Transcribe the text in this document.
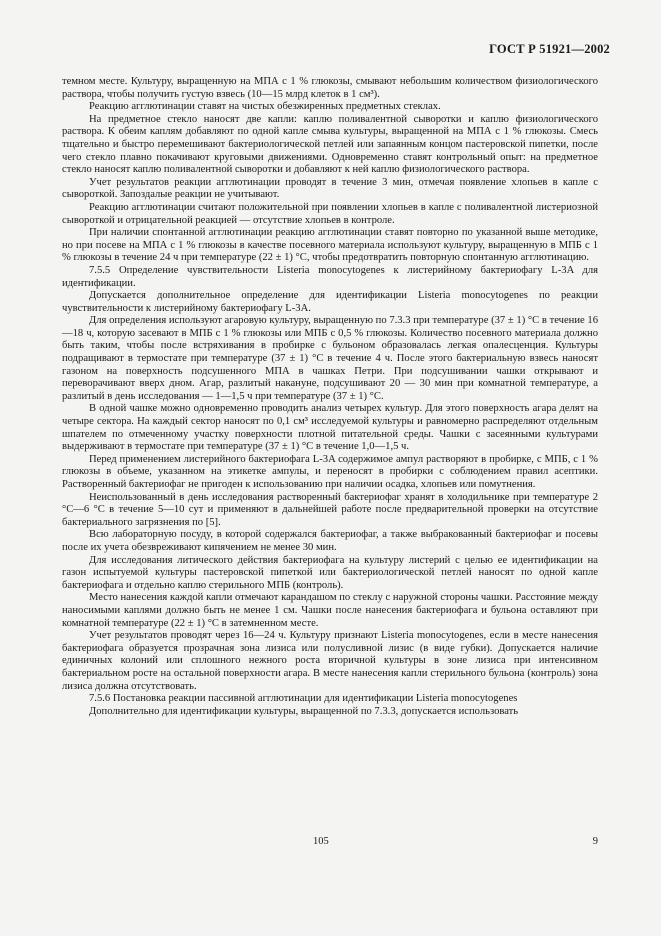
ГОСТ Р 51921—2002

темном месте. Культуру, выращенную на МПА с 1 % глюкозы, смывают небольшим количеством физиологического раствора, чтобы получить густую взвесь (10—15 млрд клеток в 1 см³).

Реакцию агглютинации ставят на чистых обезжиренных предметных стеклах.

На предметное стекло наносят две капли: каплю поливалентной сыворотки и каплю физиологического раствора. К обеим каплям добавляют по одной капле смыва культуры, выращенной на МПА с 1 % глюкозы. Смесь тщательно и быстро перемешивают бактериологической петлей или запаянным концом пастеровской пипетки, после чего стекло плавно покачивают круговыми движениями. Одновременно ставят контрольный опыт: на предметное стекло наносят каплю поливалентной сыворотки и добавляют к ней каплю физиологического раствора.

Учет результатов реакции агглютинации проводят в течение 3 мин, отмечая появление хлопьев в капле с сывороткой. Запоздалые реакции не учитывают.

Реакцию агглютинации считают положительной при появлении хлопьев в капле с поливалентной листериозной сывороткой и отрицательной реакцией — отсутствие хлопьев в контроле.

При наличии спонтанной агглютинации реакцию агглютинации ставят повторно по указанной выше методике, но при посеве на МПА с 1 % глюкозы в качестве посевного материала используют культуру, выращенную в МПБ с 1 % глюкозы в течение 24 ч при температуре (22 ± 1) °С, чтобы предотвратить повторную спонтанную агглютинацию.

7.5.5 Определение чувствительности Listeria monocytogenes к листерийному бактериофагу L-3A для идентификации.

Допускается дополнительное определение для идентификации Listeria monocytogenes по реакции чувствительности к листерийному бактериофагу L-3A.

Для определения используют агаровую культуру, выращенную по 7.3.3 при температуре (37 ± 1) °С в течение 16—18 ч, которую засевают в МПБ с 1 % глюкозы или МПБ с 0,5 % глюкозы. Количество посевного материала должно быть таким, чтобы после встряхивания в пробирке с бульоном образовалась легкая опалесценция. Культуры подращивают в термостате при температуре (37 ± 1) °С в течение 4 ч. После этого бактериальную взвесь наносят газоном на поверхность подсушенного МПА в чашках Петри. При подсушивании чашки открывают и переворачивают вверх дном. Агар, разлитый накануне, подсушивают 20 — 30 мин при комнатной температуре, а разлитый в день исследования — 1—1,5 ч при температуре (37 ± 1) °С.

В одной чашке можно одновременно проводить анализ четырех культур. Для этого поверхность агара делят на четыре сектора. На каждый сектор наносят по 0,1 см³ исследуемой культуры и равномерно распределяют отдельным шпателем по отмеченному участку поверхности плотной питательной среды. Чашки с засеянными культурами выдерживают в термостате при температуре (37 ± 1) °С в течение 1,0—1,5 ч.

Перед применением листерийного бактериофага L-3A содержимое ампул растворяют в пробирке, с МПБ, с 1 % глюкозы в объеме, указанном на этикетке ампулы, и переносят в пробирки с соблюдением правил асептики. Растворенный бактериофаг не пригоден к использованию при наличии осадка, хлопьев или помутнения.

Неиспользованный в день исследования растворенный бактериофаг хранят в холодильнике при температуре 2 °С—6 °С в течение 5—10 сут и применяют в дальнейшей работе после предварительной проверки на отсутствие бактериального загрязнения по [5].

Всю лабораторную посуду, в которой содержался бактериофаг, а также выбракованный бактериофаг и посевы после их учета обезвреживают кипячением не менее 30 мин.

Для исследования литического действия бактериофага на культуру листерий с целью ее идентификации на газон испытуемой культуры пастеровской пипеткой или бактериологической петлей наносят по одной капле бактериофага и отдельно каплю стерильного МПБ (контроль).

Место нанесения каждой капли отмечают карандашом по стеклу с наружной стороны чашки. Расстояние между наносимыми каплями должно быть не менее 1 см. Чашки после нанесения бактериофага и бульона оставляют при комнатной температуре (22 ± 1) °С в затемненном месте.

Учет результатов проводят через 16—24 ч. Культуру признают Listeria monocytogenes, если в месте нанесения бактериофага образуется прозрачная зона лизиса или полусливной лизис (в виде губки). Допускается наличие единичных колоний или сплошного нежного роста вторичной культуры в зоне лизиса при интенсивном бактериальном росте на остальной поверхности агара. В месте нанесения капли стерильного бульона (контроль) зона лизиса должна отсутствовать.

7.5.6 Постановка реакции пассивной агглютинации для идентификации Listeria monocytogenes

Дополнительно для идентификации культуры, выращенной по 7.3.3, допускается использовать

105	9
